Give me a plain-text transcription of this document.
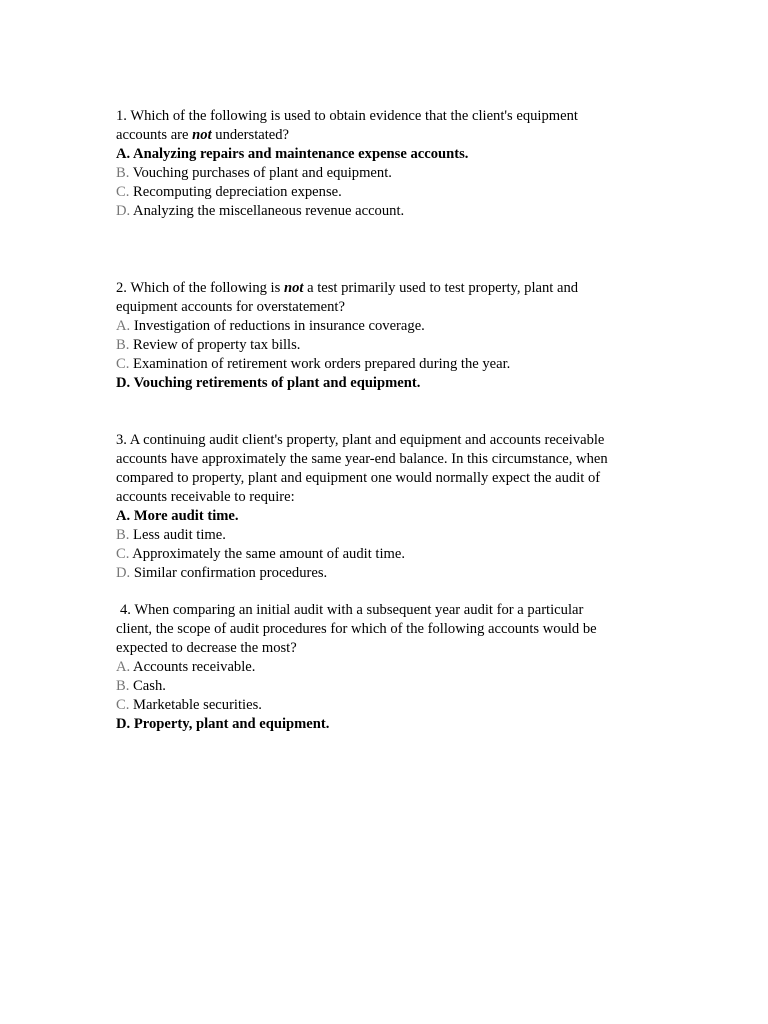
1. Which of the following is used to obtain evidence that the client's equipment
accounts are not understated?
A. Analyzing repairs and maintenance expense accounts.
B. Vouching purchases of plant and equipment.
C. Recomputing depreciation expense.
D. Analyzing the miscellaneous revenue account.
2. Which of the following is not a test primarily used to test property, plant and
equipment accounts for overstatement?
A. Investigation of reductions in insurance coverage.
B. Review of property tax bills.
C. Examination of retirement work orders prepared during the year.
D. Vouching retirements of plant and equipment.
3. A continuing audit client's property, plant and equipment and accounts receivable
accounts have approximately the same year-end balance. In this circumstance, when
compared to property, plant and equipment one would normally expect the audit of
accounts receivable to require:
A. More audit time.
B. Less audit time.
C. Approximately the same amount of audit time.
D. Similar confirmation procedures.
4. When comparing an initial audit with a subsequent year audit for a particular
client, the scope of audit procedures for which of the following accounts would be
expected to decrease the most?
A. Accounts receivable.
B. Cash.
C. Marketable securities.
D. Property, plant and equipment.
